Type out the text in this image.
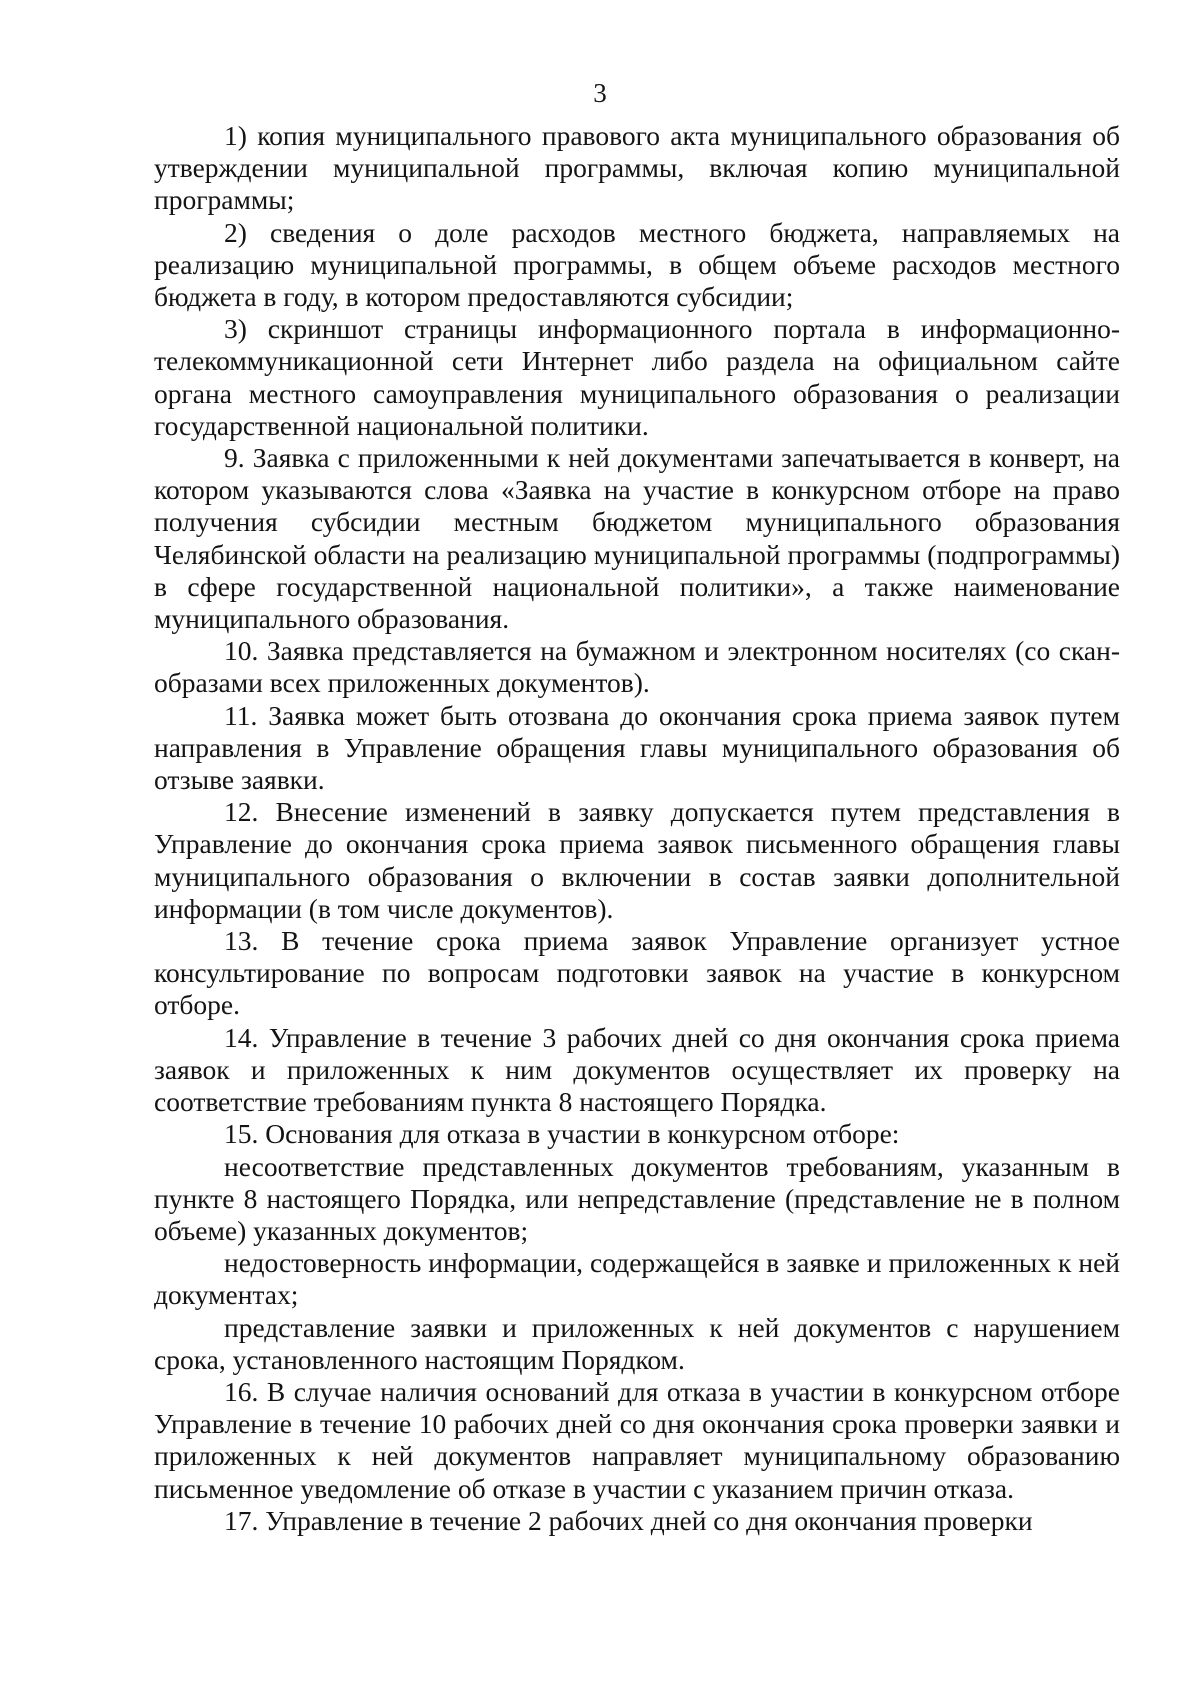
3

1) копия муниципального правового акта муниципального образования об утверждении муниципальной программы, включая копию муниципальной программы;

2) сведения о доле расходов местного бюджета, направляемых на реализацию муниципальной программы, в общем объеме расходов местного бюджета в году, в котором предоставляются субсидии;

3) скриншот страницы информационного портала в информационно-телекоммуникационной сети Интернет либо раздела на официальном сайте органа местного самоуправления муниципального образования о реализации государственной национальной политики.

9. Заявка с приложенными к ней документами запечатывается в конверт, на котором указываются слова «Заявка на участие в конкурсном отборе на право получения субсидии местным бюджетом муниципального образования Челябинской области на реализацию муниципальной программы (подпрограммы) в сфере государственной национальной политики», а также наименование муниципального образования.

10. Заявка представляется на бумажном и электронном носителях (со скан-образами всех приложенных документов).

11. Заявка может быть отозвана до окончания срока приема заявок путем направления в Управление обращения главы муниципального образования об отзыве заявки.

12. Внесение изменений в заявку допускается путем представления в Управление до окончания срока приема заявок письменного обращения главы муниципального образования о включении в состав заявки дополнительной информации (в том числе документов).

13. В течение срока приема заявок Управление организует устное консультирование по вопросам подготовки заявок на участие в конкурсном отборе.

14. Управление в течение 3 рабочих дней со дня окончания срока приема заявок и приложенных к ним документов осуществляет их проверку на соответствие требованиям пункта 8 настоящего Порядка.

15. Основания для отказа в участии в конкурсном отборе:

несоответствие представленных документов требованиям, указанным в пункте 8 настоящего Порядка, или непредставление (представление не в полном объеме) указанных документов;

недостоверность информации, содержащейся в заявке и приложенных к ней документах;

представление заявки и приложенных к ней документов с нарушением срока, установленного настоящим Порядком.

16. В случае наличия оснований для отказа в участии в конкурсном отборе Управление в течение 10 рабочих дней со дня окончания срока проверки заявки и приложенных к ней документов направляет муниципальному образованию письменное уведомление об отказе в участии с указанием причин отказа.

17. Управление в течение 2 рабочих дней со дня окончания проверки
